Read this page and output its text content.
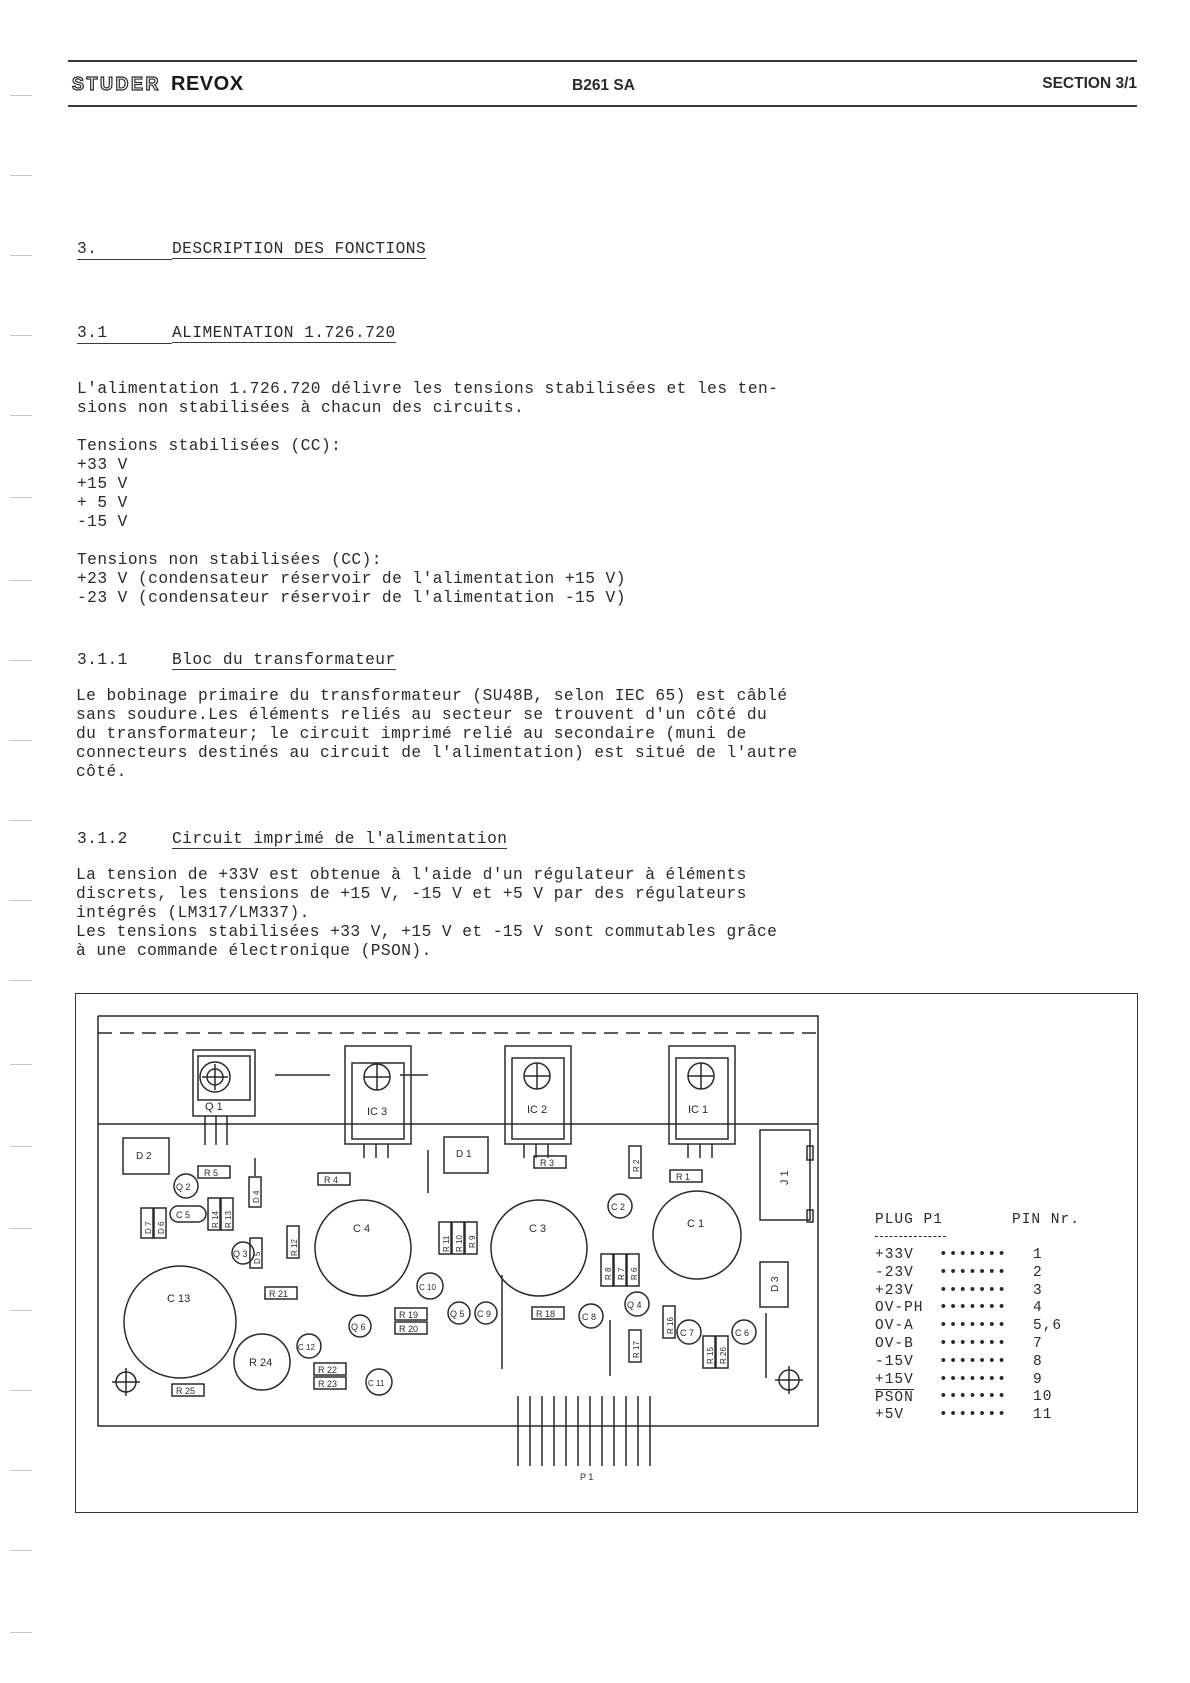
STUDER REVOX	B261 SA	SECTION 3/1
3.	DESCRIPTION DES FONCTIONS
3.1	ALIMENTATION 1.726.720
L'alimentation 1.726.720 délivre les tensions stabilisées et les ten-
sions non stabilisées à chacun des circuits.
Tensions stabilisées (CC):
+33 V
+15 V
+ 5 V
-15 V
Tensions non stabilisées (CC):
+23 V (condensateur réservoir de l'alimentation +15 V)
-23 V (condensateur réservoir de l'alimentation -15 V)
3.1.1	Bloc du transformateur
Le bobinage primaire du transformateur (SU48B, selon IEC 65) est câblé
sans soudure.Les éléments reliés au secteur se trouvent d'un côté du
du transformateur; le circuit imprimé relié au secondaire (muni de
connecteurs destinés au circuit de l'alimentation) est situé de l'autre
côté.
3.1.2	Circuit imprimé de l'alimentation
La tension de +33V est obtenue à l'aide d'un régulateur à éléments
discrets, les tensions de +15 V, -15 V et +5 V par des régulateurs
intégrés (LM317/LM337).
Les tensions stabilisées +33 V, +15 V et -15 V sont commutables grâce
à une commande électronique (PSON).
Q 1	IC 3	IC 2	IC 1
J 1
D 2	D 1
D 3
C 4	C 3	C 1
C 13
R 24
R 5
R 4
R 3
R 1
R 21
R 19
R 20
R 18
R 22
R 23
R 25
R 14 R 13
R 12	R 11 R 10 R 9
R 8 R 7 R 6
R 2
R 16
R 17	R 15 R 26
D 7 D 6
D 4
D 5
Q 2
C 5
Q 3
C 10
Q 6
Q 5 C 9	C 8
Q 4
C 2
C 7	C 6
C 12
C 11
P 1
PLUG P1	PIN Nr.
+33V ••••••• 1
-23V ••••••• 2
+23V ••••••• 3
OV-PH ••••••• 4
OV-A ••••••• 5,6
OV-B ••••••• 7
-15V ••••••• 8
+15V ••••••• 9
PSON ••••••• 10
+5V ••••••• 11
